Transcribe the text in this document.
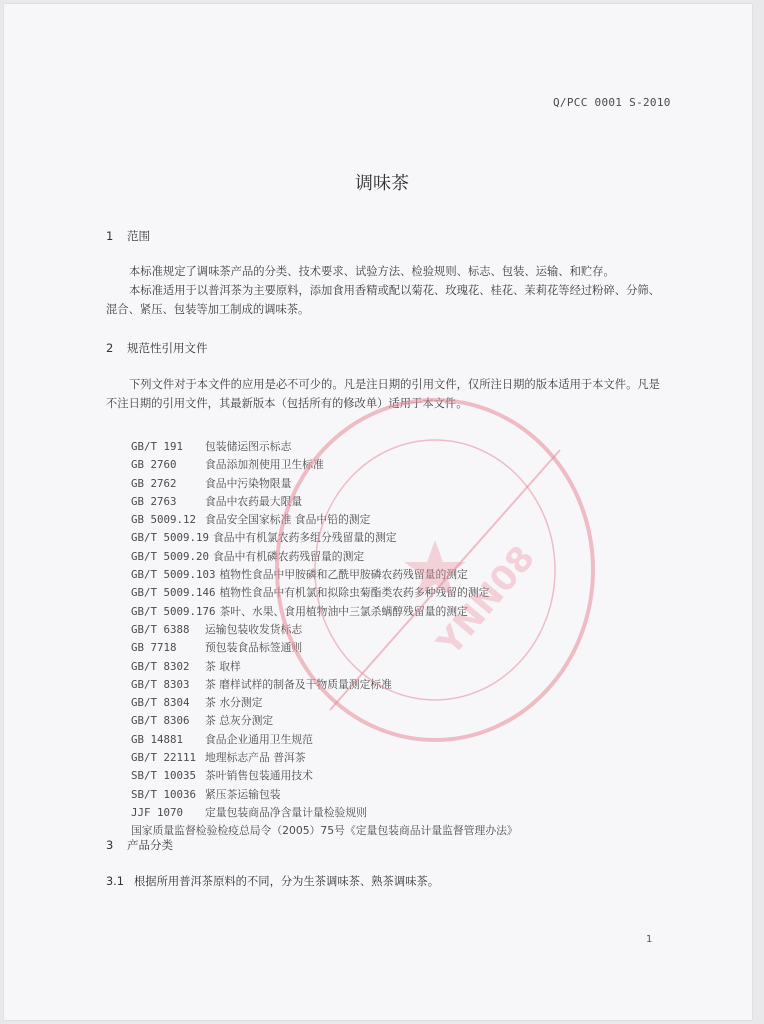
Q/PCC 0001 S-2010
调味茶
1 范围

本标准规定了调味茶产品的分类、技术要求、试验方法、检验规则、标志、包装、运输、和贮存。

本标准适用于以普洱茶为主要原料，添加食用香精或配以菊花、玫瑰花、桂花、茉莉花等经过粉碎、分筛、混合、紧压、包装等加工制成的调味茶。

2 规范性引用文件

下列文件对于本文件的应用是必不可少的。凡是注日期的引用文件，仅所注日期的版本适用于本文件。凡是不注日期的引用文件，其最新版本（包括所有的修改单）适用于本文件。

GB/T 191 包装储运图示标志
GB 2760	食品添加剂使用卫生标准
GB 2762	食品中污染物限量
GB 2763	食品中农药最大限量
GB 5009.12 食品安全国家标准 食品中铅的测定
GB/T 5009.19 食品中有机氯农药多组分残留量的测定
GB/T 5009.20 食品中有机磷农药残留量的测定
GB/T 5009.103 植物性食品中甲胺磷和乙酰甲胺磷农药残留量的测定
GB/T 5009.146 植物性食品中有机氯和拟除虫菊酯类农药多种残留的测定
GB/T 5009.176 茶叶、水果、食用植物油中三氯杀螨醇残留量的测定
GB/T 6388 运输包装收发货标志
GB 7718	预包装食品标签通则
GB/T 8302 茶 取样
GB/T 8303 茶 磨样试样的制备及干物质量测定标准
GB/T 8304 茶 水分测定
GB/T 8306 茶 总灰分测定
GB 14881 食品企业通用卫生规范
GB/T 22111 地理标志产品 普洱茶
SB/T 10035 茶叶销售包装通用技术
SB/T 10036 紧压茶运输包装
JJF 1070 定量包装商品净含量计量检验规则
国家质量监督检验检疫总局令（2005）75号《定量包装商品计量监督管理办法》
3 产品分类
3.1 根据所用普洱茶原料的不同，分为生茶调味茶、熟茶调味茶。
1
YNN08
